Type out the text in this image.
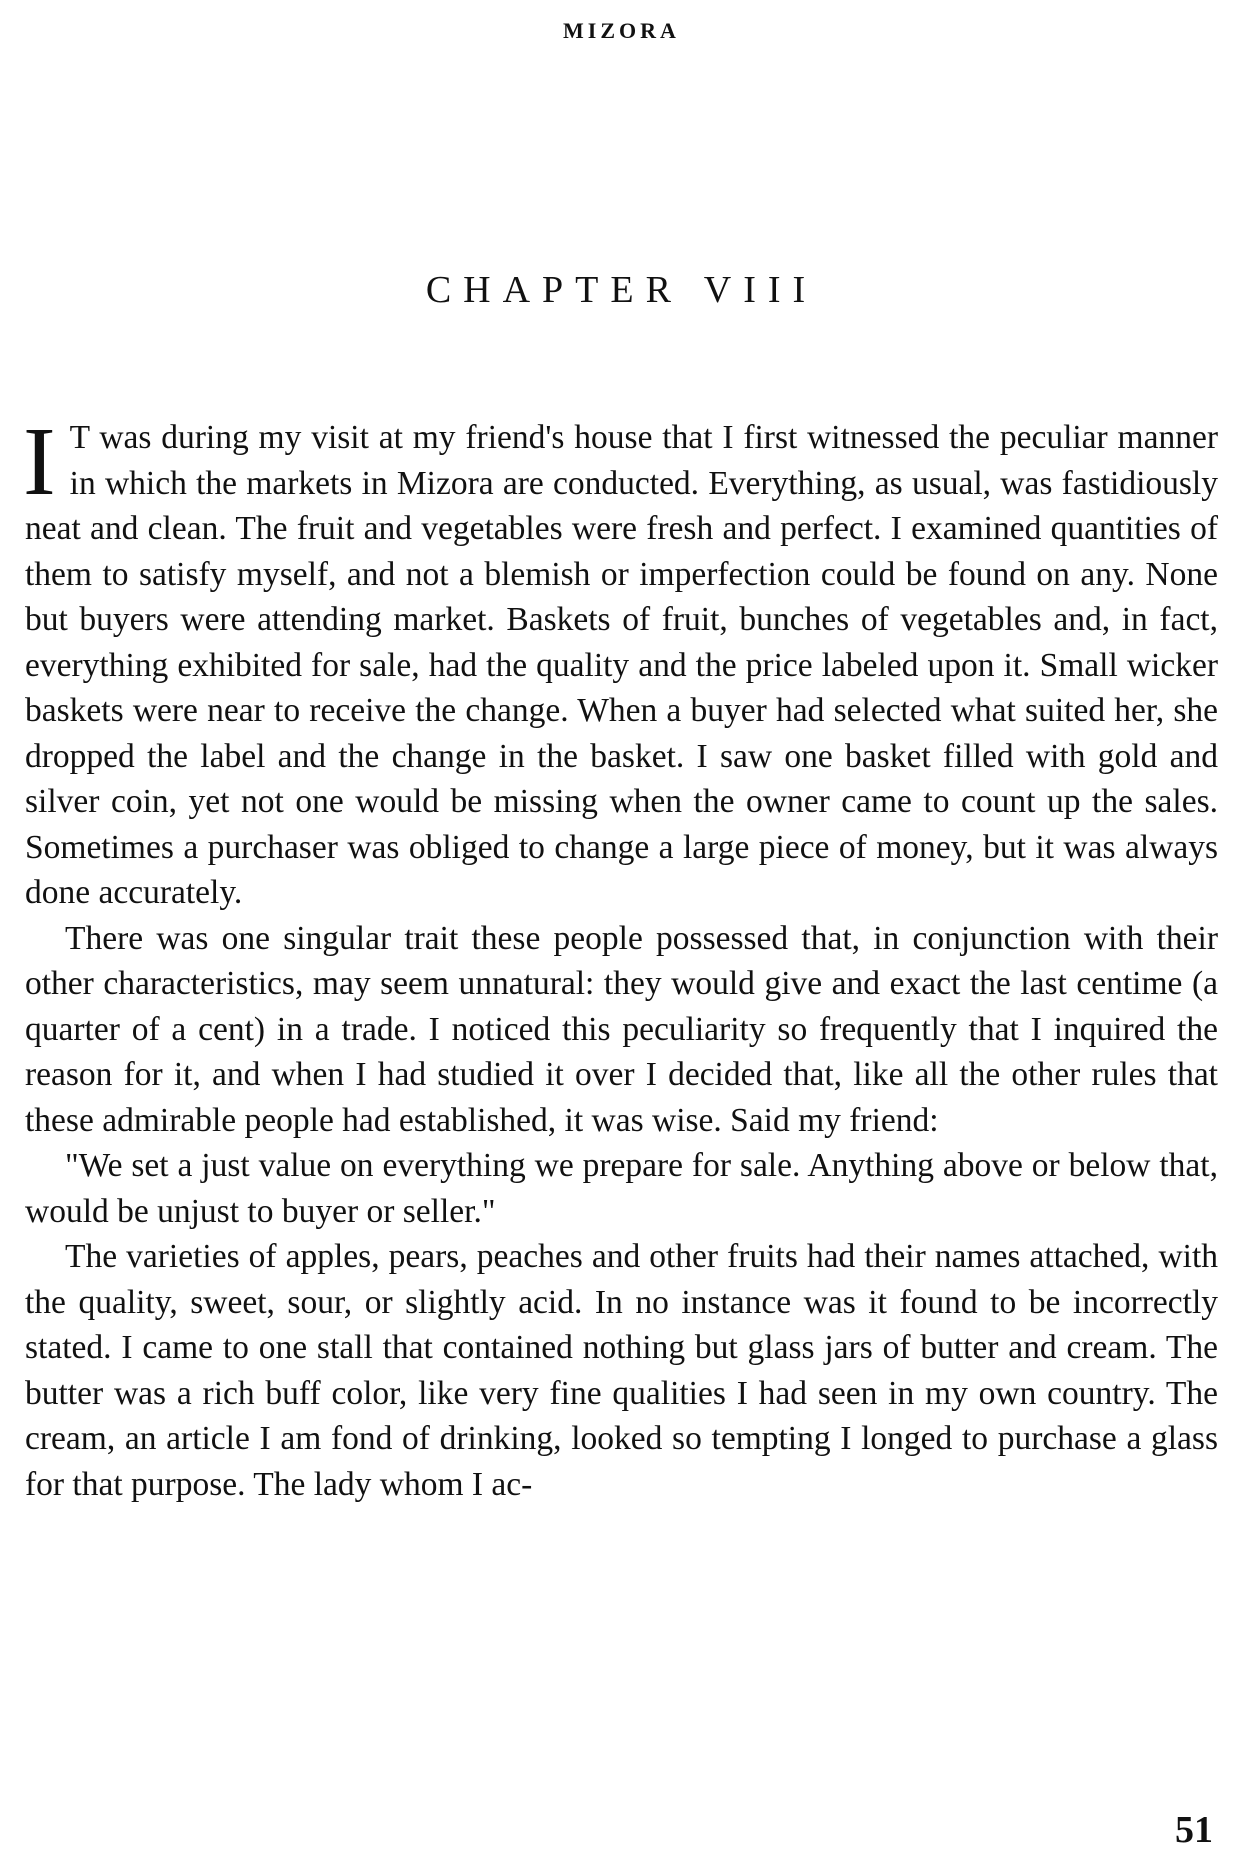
MIZORA
CHAPTER VIII

I T was during my visit at my friend's house that I first witnessed the peculiar manner in which the markets in Mizora are conducted. Everything, as usual, was fastidiously neat and clean. The fruit and vegetables were fresh and perfect. I examined quantities of them to satisfy myself, and not a blemish or imperfection could be found on any. None but buyers were attending market. Baskets of fruit, bunches of vegetables and, in fact, everything exhibited for sale, had the quality and the price labeled upon it. Small wicker baskets were near to receive the change. When a buyer had selected what suited her, she dropped the label and the change in the basket. I saw one basket filled with gold and silver coin, yet not one would be missing when the owner came to count up the sales. Sometimes a purchaser was obliged to change a large piece of money, but it was always done accurately.

There was one singular trait these people possessed that, in conjunction with their other characteristics, may seem unnatural: they would give and exact the last centime (a quarter of a cent) in a trade. I noticed this peculiarity so frequently that I inquired the reason for it, and when I had studied it over I decided that, like all the other rules that these admirable people had established, it was wise. Said my friend:

"We set a just value on everything we prepare for sale. Anything above or below that, would be unjust to buyer or seller."

The varieties of apples, pears, peaches and other fruits had their names attached, with the quality, sweet, sour, or slightly acid. In no instance was it found to be incorrectly stated. I came to one stall that contained nothing but glass jars of butter and cream. The butter was a rich buff color, like very fine qualities I had seen in my own country. The cream, an article I am fond of drinking, looked so tempting I longed to purchase a glass for that purpose. The lady whom I ac-

51
